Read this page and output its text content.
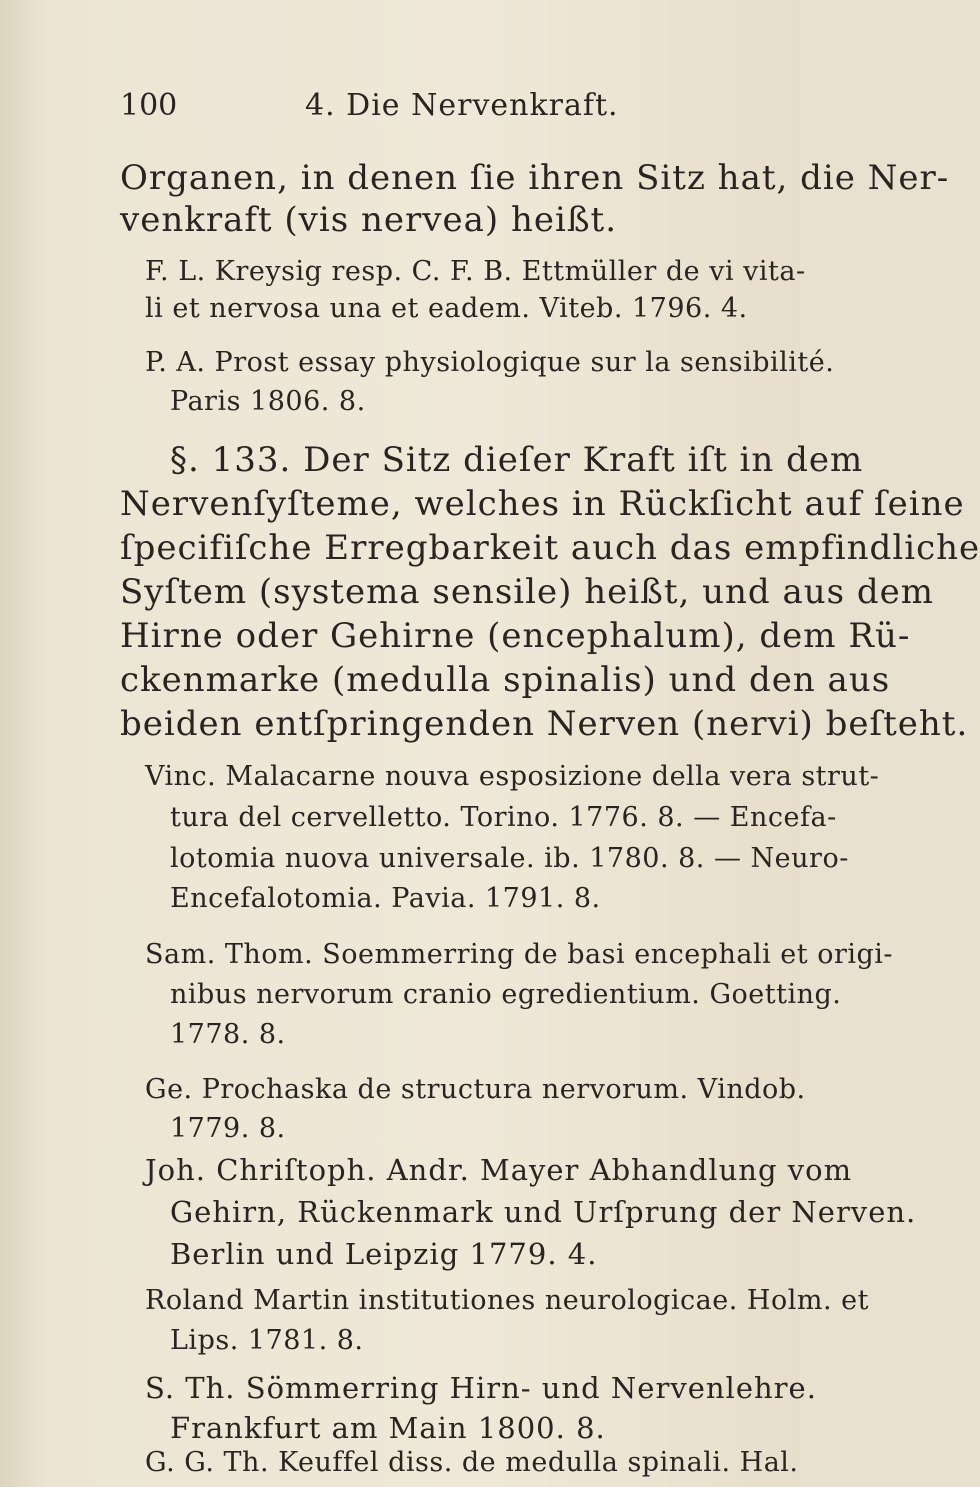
100	4. Die Nervenkraft.
Organen, in denen ſie ihren Sitz hat, die Ner-
venkraft (vis nervea) heißt.
F. L. Kreysig resp. C. F. B. Ettmüller de vi vita-
li et nervosa una et eadem. Viteb. 1796. 4.
P. A. Prost essay physiologique sur la sensibilité.
Paris 1806. 8.
§. 133. Der Sitz dieſer Kraft iſt in dem
Nervenſyſteme, welches in Rückſicht auf ſeine
ſpecifiſche Erregbarkeit auch das empfindliche
Syſtem (systema sensile) heißt, und aus dem
Hirne oder Gehirne (encephalum), dem Rü-
ckenmarke (medulla spinalis) und den aus
beiden entſpringenden Nerven (nervi) beſteht.
Vinc. Malacarne nouva esposizione della vera strut-
tura del cervelletto. Torino. 1776. 8. — Encefa-
lotomia nuova universale. ib. 1780. 8. — Neuro-
Encefalotomia. Pavia. 1791. 8.
Sam. Thom. Soemmerring de basi encephali et origi-
nibus nervorum cranio egredientium. Goetting.
1778. 8.
Ge. Prochaska de structura nervorum. Vindob.
1779. 8.
Joh. Chriſtoph. Andr. Mayer Abhandlung vom
Gehirn, Rückenmark und Urſprung der Nerven.
Berlin und Leipzig 1779. 4.
Roland Martin institutiones neurologicae. Holm. et
Lips. 1781. 8.
S. Th. Sömmerring Hirn- und Nervenlehre.
Frankfurt am Main 1800. 8.
G. G. Th. Keuffel diss. de medulla spinali. Hal.
